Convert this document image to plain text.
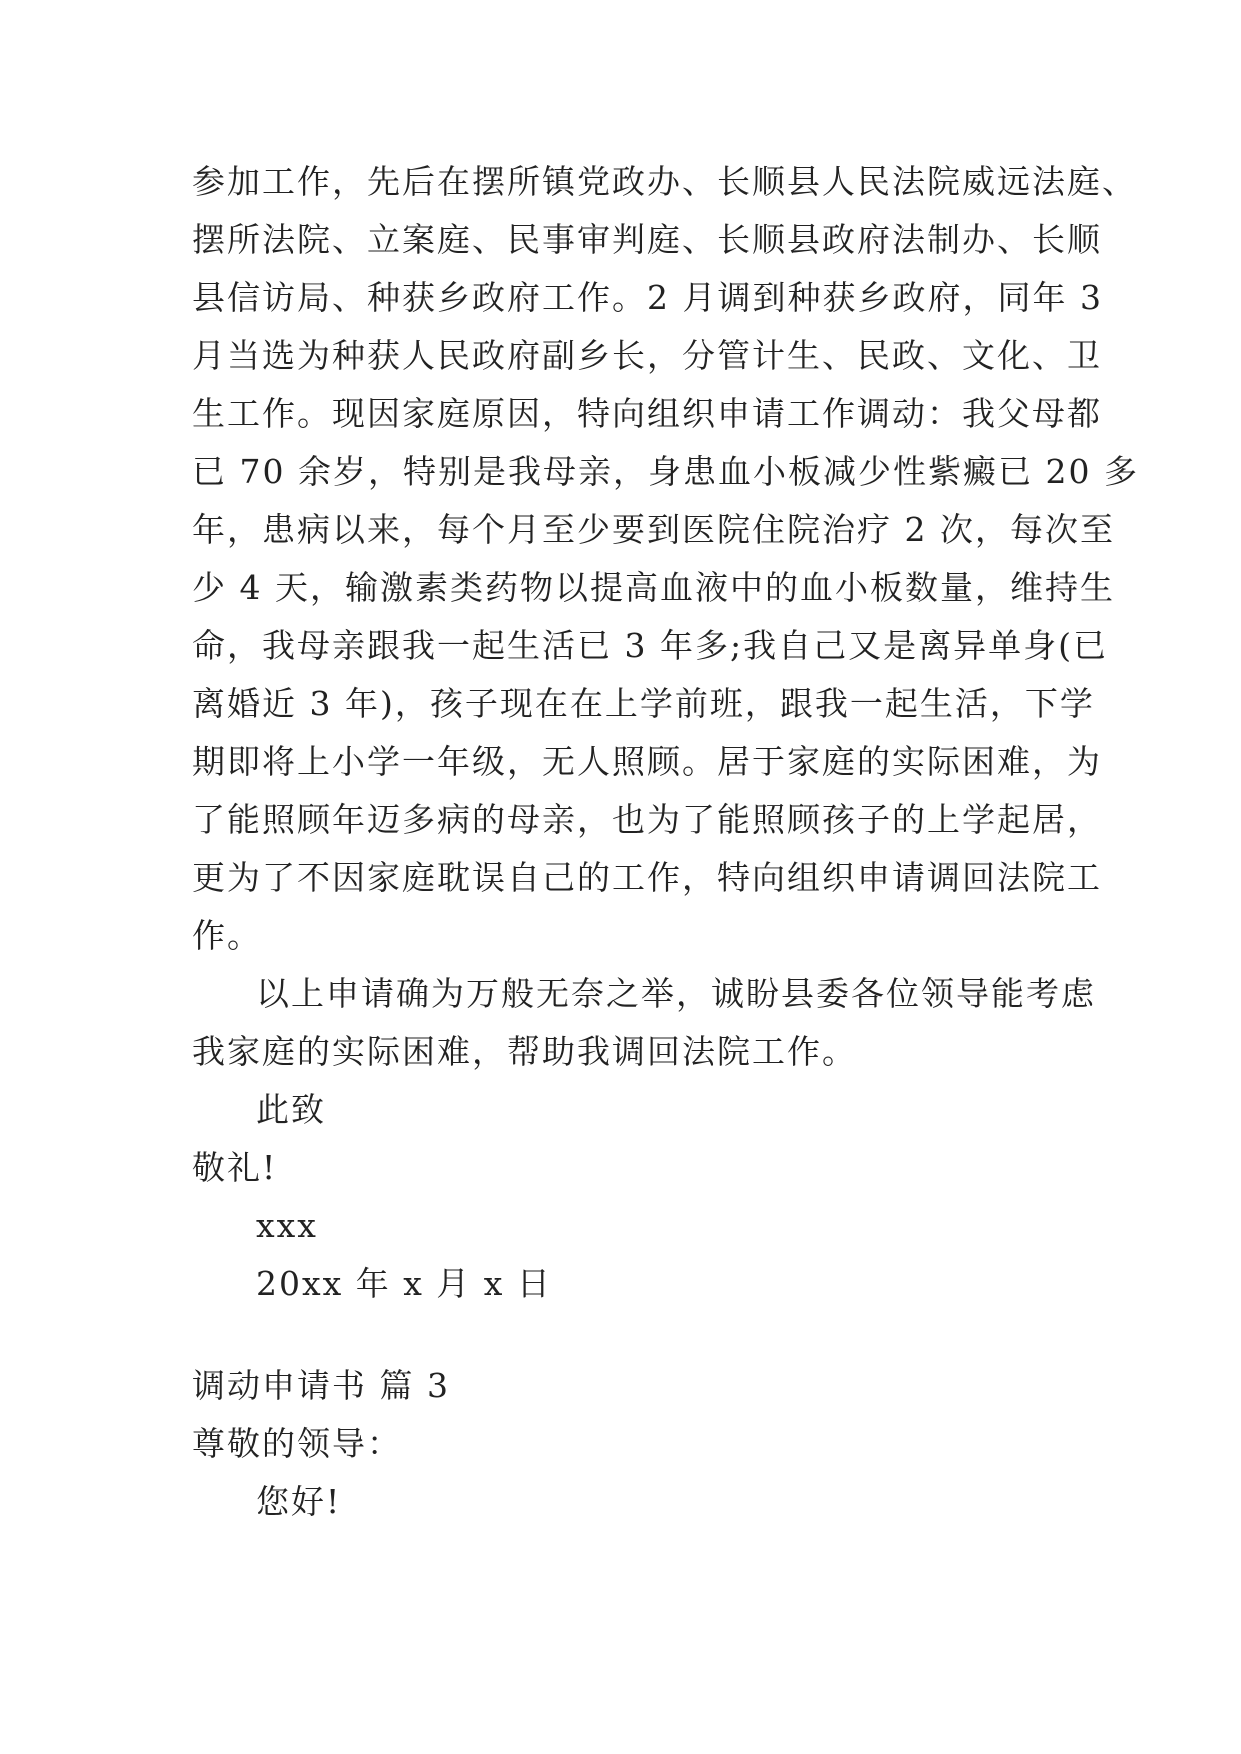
参加工作，先后在摆所镇党政办、长顺县人民法院威远法庭、
摆所法院、立案庭、民事审判庭、长顺县政府法制办、长顺
县信访局、种获乡政府工作。2 月调到种获乡政府，同年 3
月当选为种获人民政府副乡长，分管计生、民政、文化、卫
生工作。现因家庭原因，特向组织申请工作调动：我父母都
已 70 余岁，特别是我母亲，身患血小板减少性紫癜已 20 多
年，患病以来，每个月至少要到医院住院治疗 2 次，每次至
少 4 天，输激素类药物以提高血液中的血小板数量，维持生
命，我母亲跟我一起生活已 3 年多;我自己又是离异单身(已
离婚近 3 年)，孩子现在在上学前班，跟我一起生活，下学
期即将上小学一年级，无人照顾。居于家庭的实际困难，为
了能照顾年迈多病的母亲，也为了能照顾孩子的上学起居，
更为了不因家庭耽误自己的工作，特向组织申请调回法院工
作。
以上申请确为万般无奈之举，诚盼县委各位领导能考虑
我家庭的实际困难，帮助我调回法院工作。
此致
敬礼!
xxx
20xx 年 x 月 x 日
调动申请书 篇 3
尊敬的领导：
您好!
